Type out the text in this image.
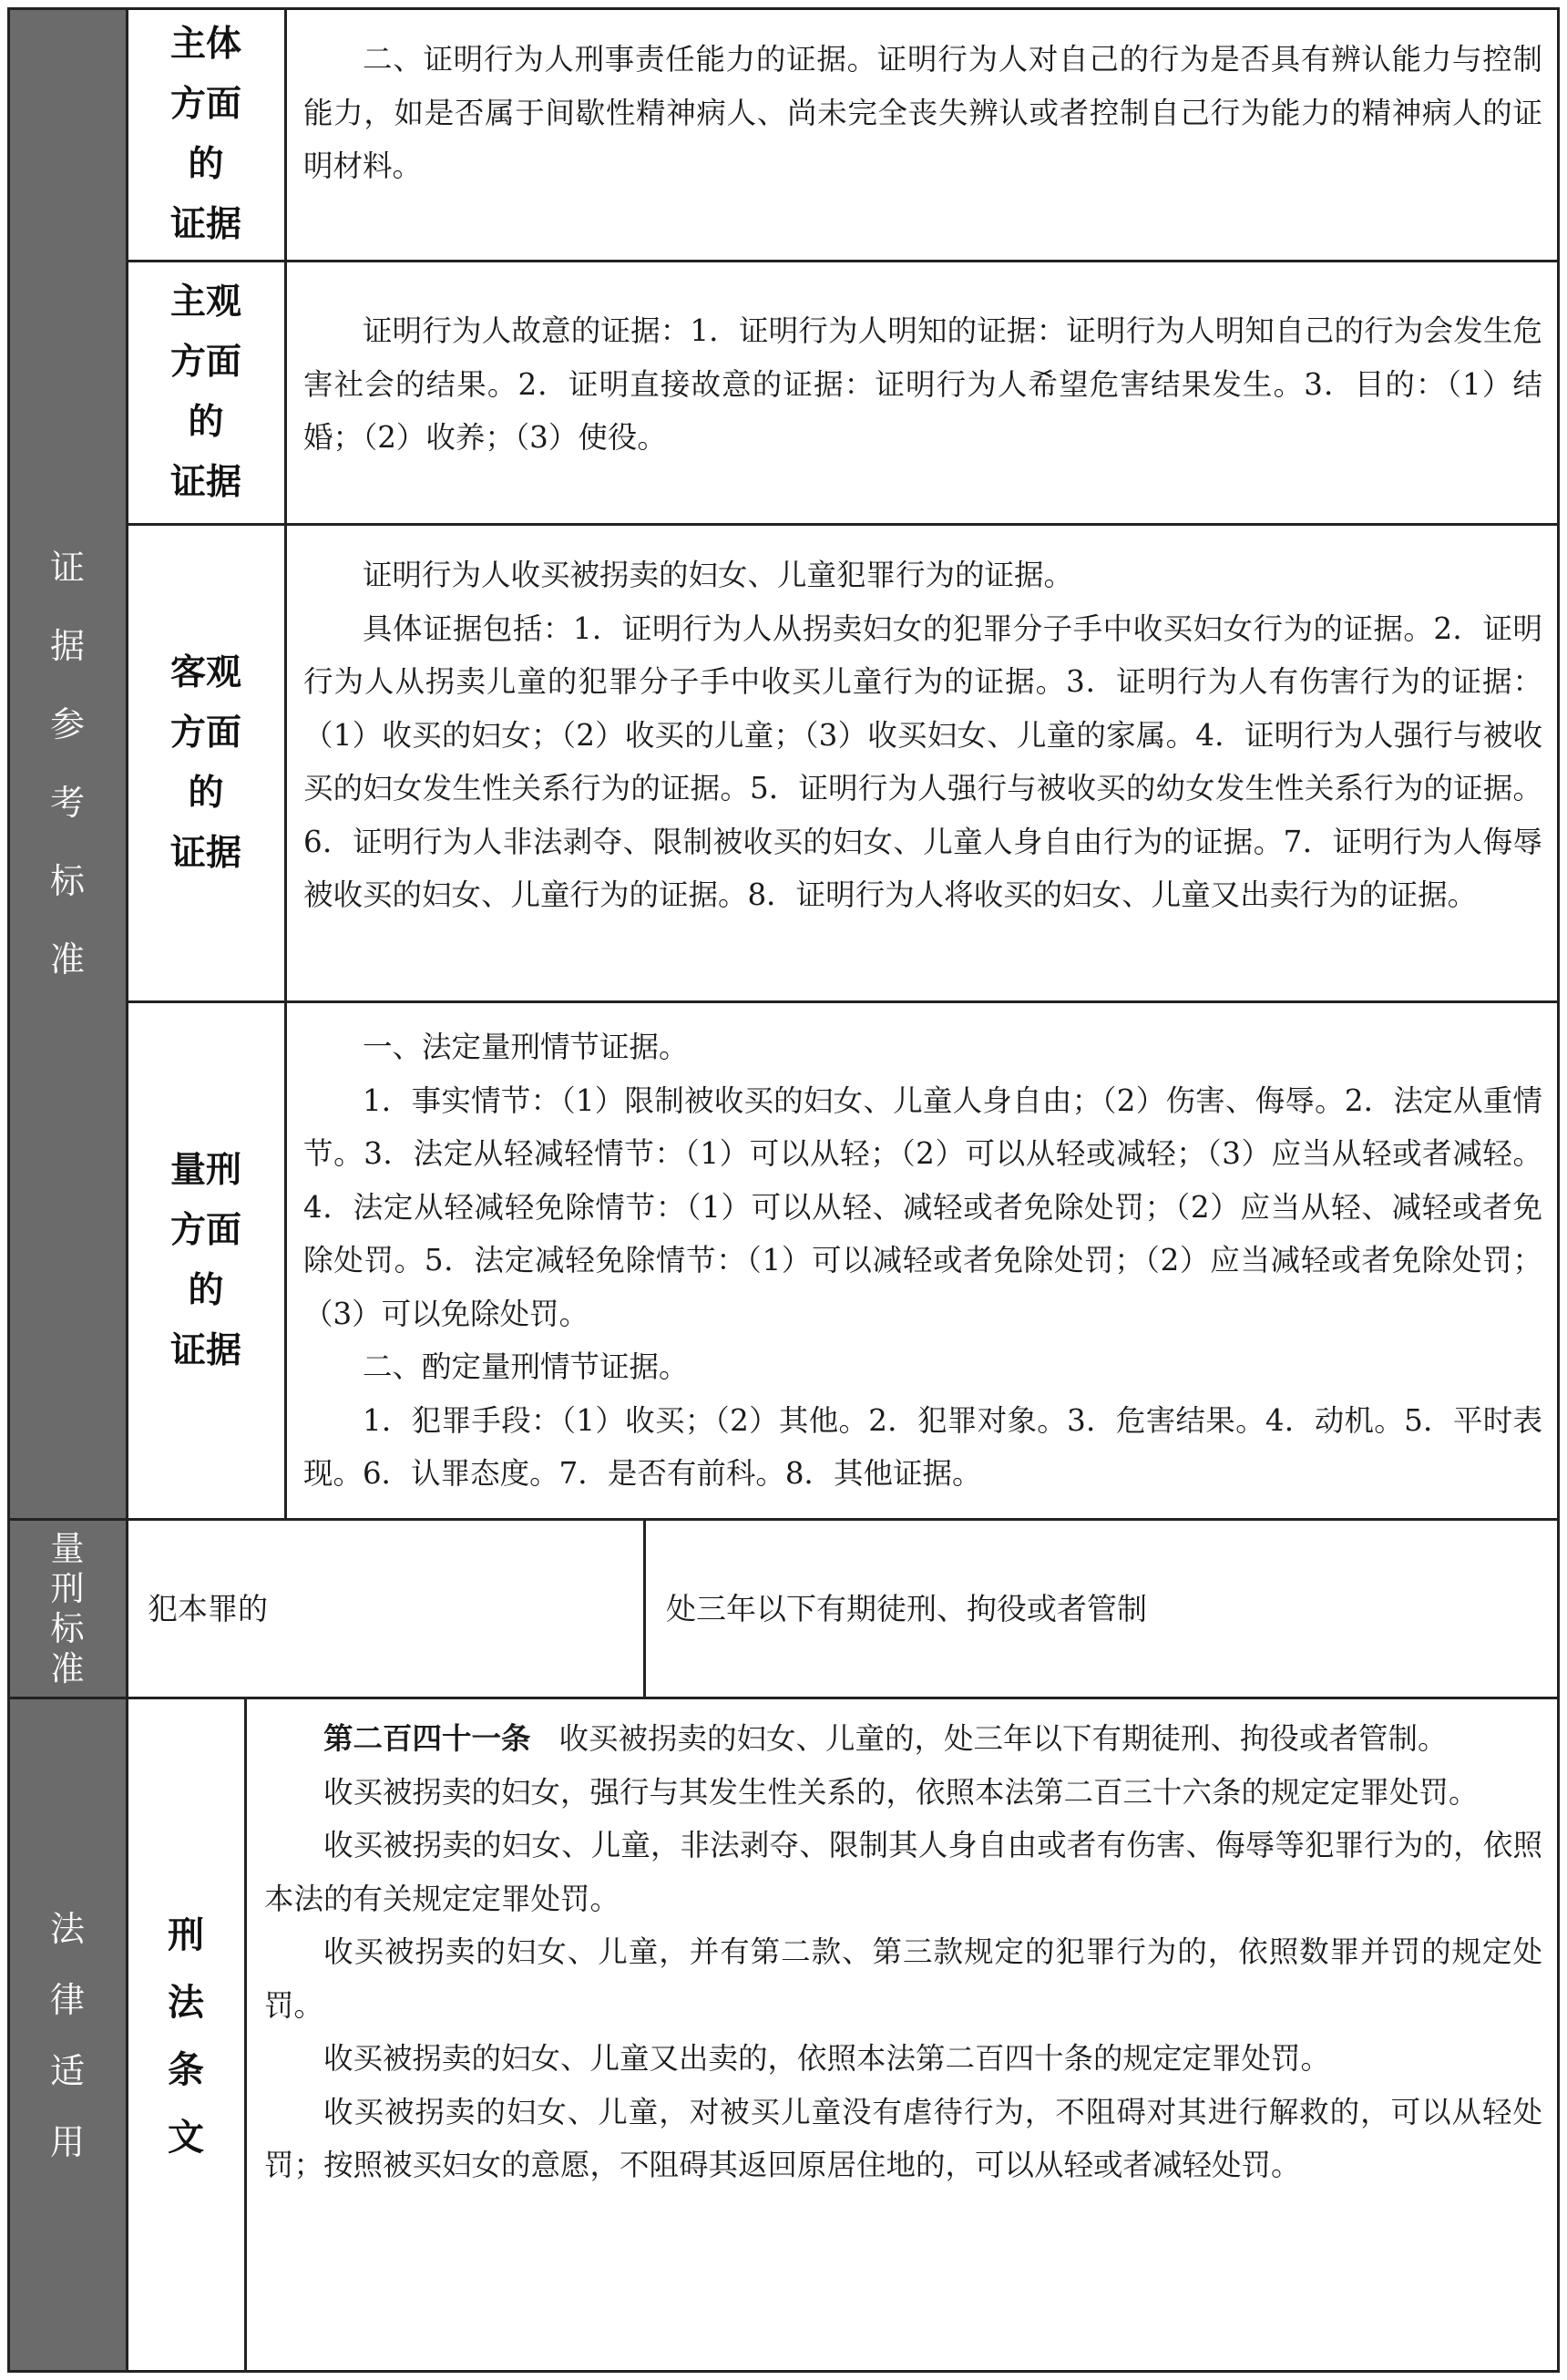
证
据
参
考
标
准
量
刑
标
准
法
律
适
用
主体
方面
的
证据
主观
方面
的
证据
客观
方面
的
证据
量刑
方面
的
证据

二、证明行为人刑事责任能力的证据。证明行为人对自己的行为是否具有辨认能力与控制能力，如是否属于间歇性精神病人、尚未完全丧失辨认或者控制自己行为能力的精神病人的证明材料。

证明行为人故意的证据：1．证明行为人明知的证据：证明行为人明知自己的行为会发生危害社会的结果。2．证明直接故意的证据：证明行为人希望危害结果发生。3．目的：（1）结婚；（2）收养；（3）使役。

证明行为人收买被拐卖的妇女、儿童犯罪行为的证据。

具体证据包括：1．证明行为人从拐卖妇女的犯罪分子手中收买妇女行为的证据。2．证明行为人从拐卖儿童的犯罪分子手中收买儿童行为的证据。3．证明行为人有伤害行为的证据：（1）收买的妇女；（2）收买的儿童；（3）收买妇女、儿童的家属。4．证明行为人强行与被收买的妇女发生性关系行为的证据。5．证明行为人强行与被收买的幼女发生性关系行为的证据。6．证明行为人非法剥夺、限制被收买的妇女、儿童人身自由行为的证据。7．证明行为人侮辱被收买的妇女、儿童行为的证据。8．证明行为人将收买的妇女、儿童又出卖行为的证据。

一、法定量刑情节证据。

1．事实情节：（1）限制被收买的妇女、儿童人身自由；（2）伤害、侮辱。2．法定从重情节。3．法定从轻减轻情节：（1）可以从轻；（2）可以从轻或减轻；（3）应当从轻或者减轻。4．法定从轻减轻免除情节：（1）可以从轻、减轻或者免除处罚；（2）应当从轻、减轻或者免除处罚。5．法定减轻免除情节：（1）可以减轻或者免除处罚；（2）应当减轻或者免除处罚；（3）可以免除处罚。

二、酌定量刑情节证据。

1．犯罪手段：（1）收买；（2）其他。2．犯罪对象。3．危害结果。4．动机。5．平时表现。6．认罪态度。7．是否有前科。8．其他证据。

犯本罪的	处三年以下有期徒刑、拘役或者管制
刑
法
条
文

第二百四十一条 收买被拐卖的妇女、儿童的，处三年以下有期徒刑、拘役或者管制。

收买被拐卖的妇女，强行与其发生性关系的，依照本法第二百三十六条的规定定罪处罚。

收买被拐卖的妇女、儿童，非法剥夺、限制其人身自由或者有伤害、侮辱等犯罪行为的，依照本法的有关规定定罪处罚。

收买被拐卖的妇女、儿童，并有第二款、第三款规定的犯罪行为的，依照数罪并罚的规定处罚。

收买被拐卖的妇女、儿童又出卖的，依照本法第二百四十条的规定定罪处罚。

收买被拐卖的妇女、儿童，对被买儿童没有虐待行为，不阻碍对其进行解救的，可以从轻处罚；按照被买妇女的意愿，不阻碍其返回原居住地的，可以从轻或者减轻处罚。
